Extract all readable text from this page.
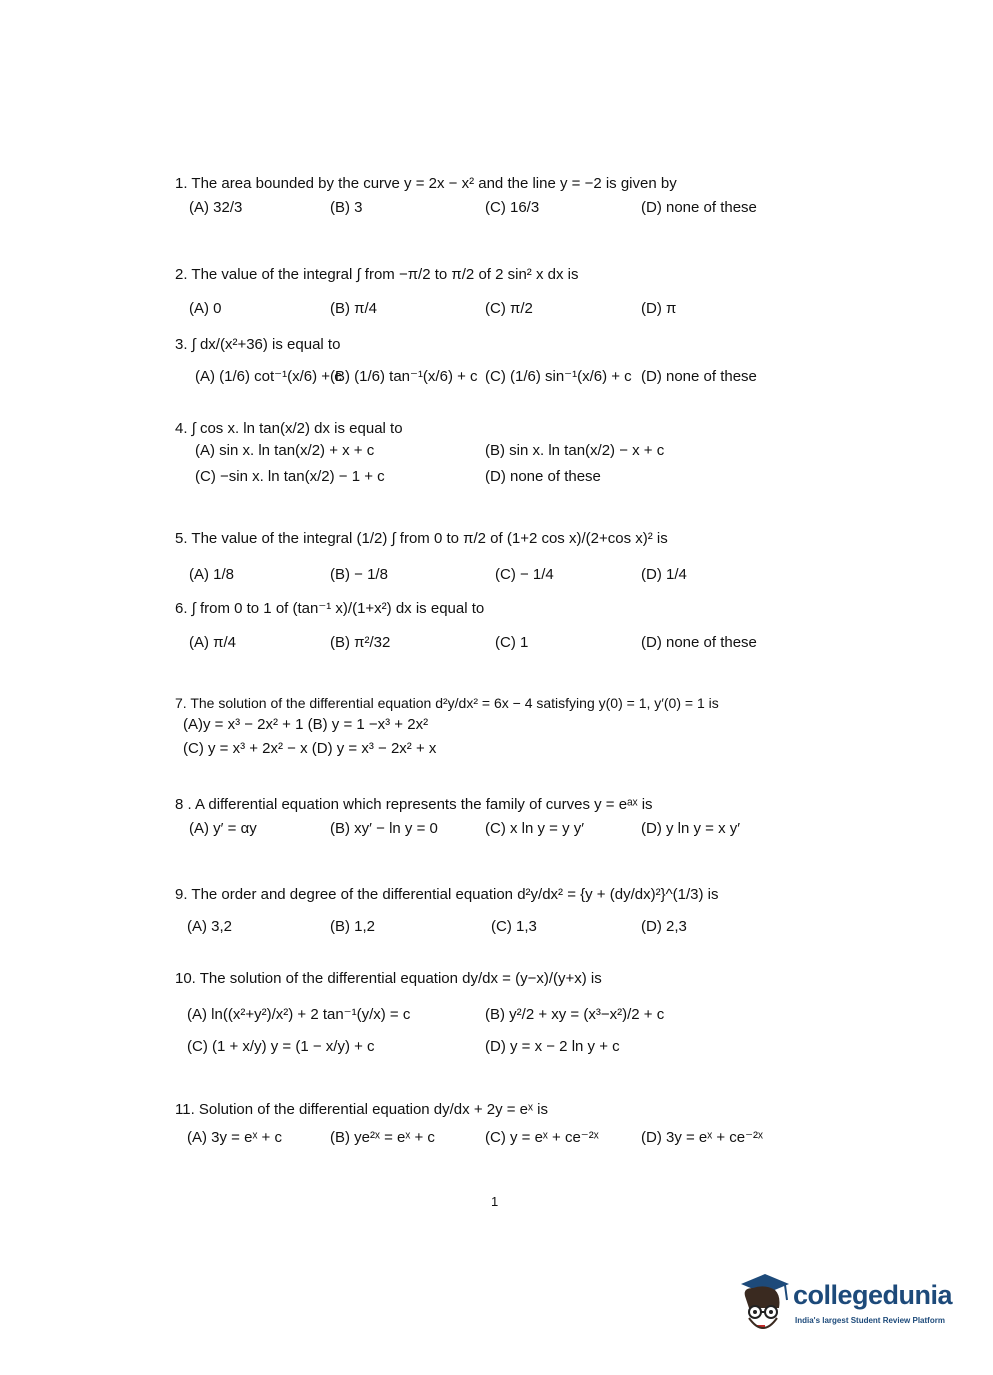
1. The area bounded by the curve y = 2x − x² and the line y = −2 is given by
(A) 32/3	(B) 3	(C) 16/3	(D) none of these
2. The value of the integral ∫ from −π/2 to π/2 of 2 sin² x dx is
(A) 0	(B) π/4	(C) π/2	(D) π
3. ∫ dx/(x²+36) is equal to
(A) (1/6) cot⁻¹(x/6) + c
(B) (1/6) tan⁻¹(x/6) + c (C) (1/6) sin⁻¹(x/6) + c (D) none of these
4. ∫ cos x. ln tan(x/2) dx is equal to
(A) sin x. ln tan(x/2) + x + c	(B) sin x. ln tan(x/2) − x + c
(C) −sin x. ln tan(x/2) − 1 + c	(D) none of these
5. The value of the integral (1/2) ∫ from 0 to π/2 of (1+2 cos x)/(2+cos x)² is
(A) 1/8	(B) − 1/8	(C) − 1/4	(D) 1/4
6. ∫ from 0 to 1 of (tan⁻¹ x)/(1+x²) dx is equal to
(A) π/4	(B) π²/32	(C) 1	(D) none of these
7. The solution of the differential equation d²y/dx² = 6x − 4 satisfying y(0) = 1, y′(0) = 1 is
(A)y = x³ − 2x² + 1 (B) y = 1 −x³ + 2x²
(C) y = x³ + 2x² − x (D) y = x³ − 2x² + x
8 . A differential equation which represents the family of curves y = eᵃˣ is
(A) y′ = αy	(B) xy′ − ln y = 0	(C) x ln y = y y′	(D) y ln y = x y′
9. The order and degree of the differential equation d²y/dx² = {y + (dy/dx)²}^(1/3) is
(A) 3,2	(B) 1,2	(C) 1,3	(D) 2,3
10. The solution of the differential equation dy/dx = (y−x)/(y+x) is
(A) ln((x²+y²)/x²) + 2 tan⁻¹(y/x) = c	(B) y²/2 + xy = (x³−x²)/2 + c
(C) (1 + x/y) y = (1 − x/y) + c	(D) y = x − 2 ln y + c
11. Solution of the differential equation dy/dx + 2y = eˣ is
(A) 3y = eˣ + c	(B) ye²ˣ = eˣ + c	(C) y = eˣ + ce⁻²ˣ	(D) 3y = eˣ + ce⁻²ˣ
1
collegedunia
India's largest Student Review Platform
